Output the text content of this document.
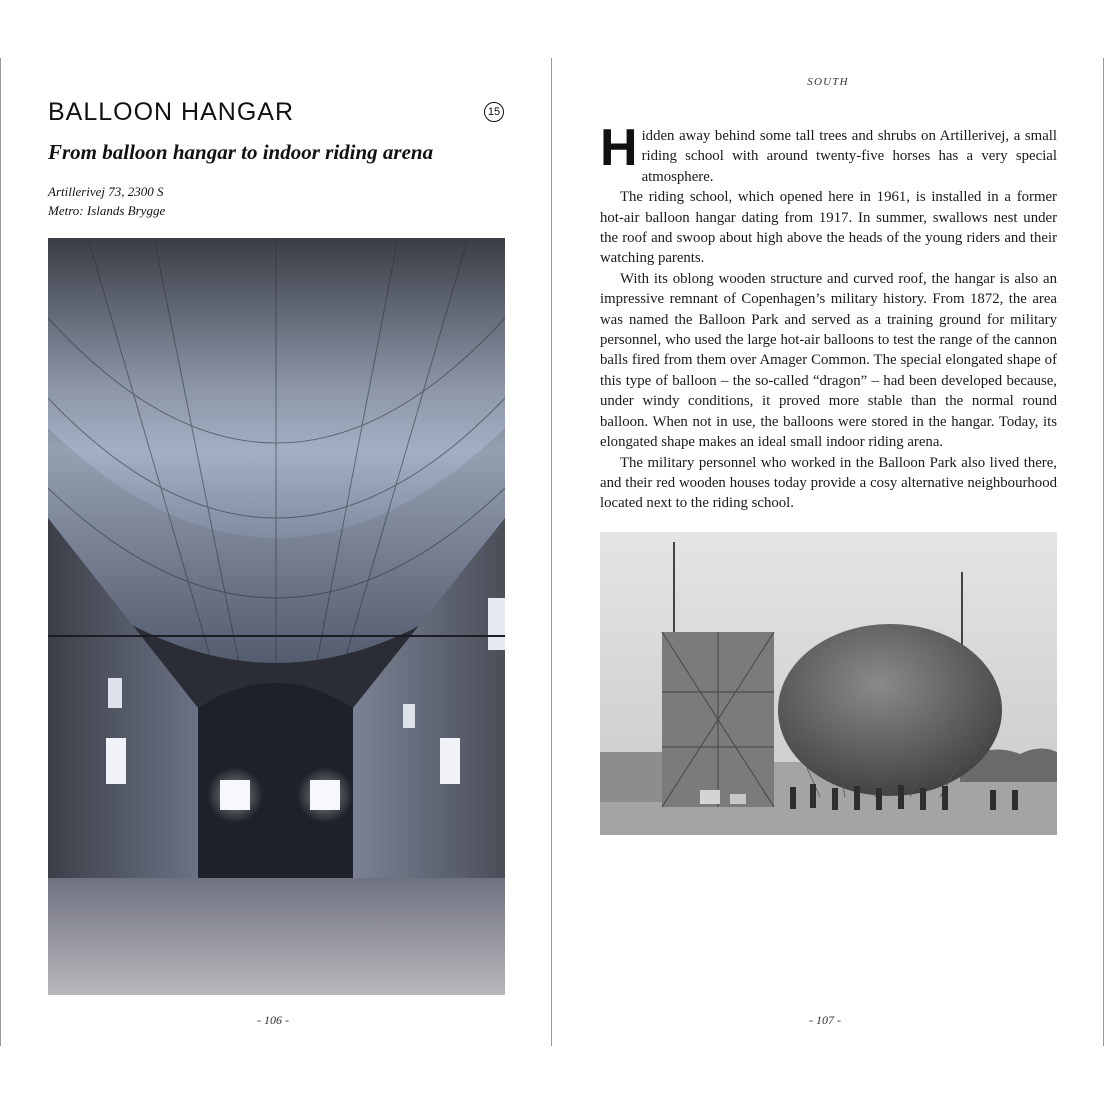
BALLOON HANGAR	15
From balloon hangar to indoor riding arena
Artillerivej 73, 2300 S
Metro: Islands Brygge
- 106 -
SOUTH

Hidden away behind some tall trees and shrubs on Artillerivej, a small riding school with around twenty-five horses has a very special atmosphere.

The riding school, which opened here in 1961, is installed in a former hot-air balloon hangar dating from 1917. In summer, swallows nest under the roof and swoop about high above the heads of the young riders and their watching parents.

With its oblong wooden structure and curved roof, the hangar is also an impressive remnant of Copenhagen’s military history. From 1872, the area was named the Balloon Park and served as a training ground for military personnel, who used the large hot-air balloons to test the range of the cannon balls fired from them over Amager Common. The special elongated shape of this type of balloon – the so-called “dragon” – had been developed because, under windy conditions, it proved more stable than the normal round balloon. When not in use, the balloons were stored in the hangar. Today, its elongated shape makes an ideal small indoor riding arena.

The military personnel who worked in the Balloon Park also lived there, and their red wooden houses today provide a cosy alternative neighbourhood located next to the riding school.

- 107 -
